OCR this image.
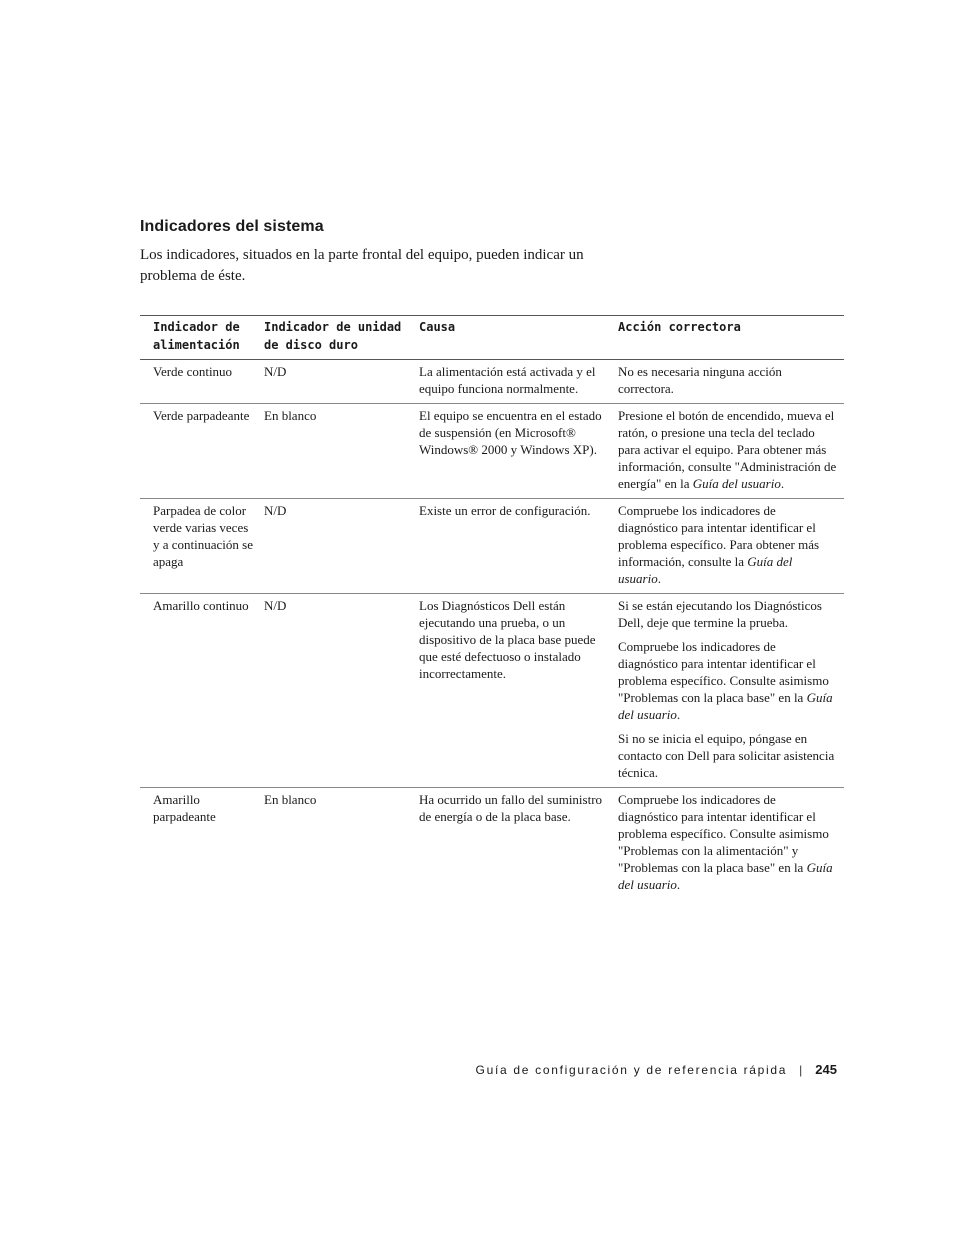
Indicadores del sistema
Los indicadores, situados en la parte frontal del equipo, pueden indicar un problema de éste.
Indicador de alimentación	Indicador de unidad de disco duro	Causa	Acción correctora
Verde continuo	N/D	La alimentación está activada y el equipo funciona normalmente.	No es necesaria ninguna acción correctora.

Verde parpadeante	En blanco	El equipo se encuentra en el estado de suspensión (en Microsoft® Windows® 2000 y Windows XP).	Presione el botón de encendido, mueva el ratón, o presione una tecla del teclado para activar el equipo. Para obtener más información, consulte "Administración de energía" en la Guía del usuario.

Parpadea de color verde varias veces y a continuación se apaga	N/D	Existe un error de configuración.	Compruebe los indicadores de diagnóstico para intentar identificar el problema específico. Para obtener más información, consulte la Guía del usuario.

Amarillo continuo	N/D	Los Diagnósticos Dell están ejecutando una prueba, o un dispositivo de la placa base puede que esté defectuoso o instalado incorrectamente.	Si se están ejecutando los Diagnósticos Dell, deje que termine la prueba.

Compruebe los indicadores de diagnóstico para intentar identificar el problema específico. Consulte asimismo "Problemas con la placa base" en la Guía del usuario.

Si no se inicia el equipo, póngase en contacto con Dell para solicitar asistencia técnica.

Amarillo parpadeante	En blanco	Ha ocurrido un fallo del suministro de energía o de la placa base.	Compruebe los indicadores de diagnóstico para intentar identificar el problema específico. Consulte asimismo "Problemas con la alimentación" y "Problemas con la placa base" en la Guía del usuario.

Guía de configuración y de referencia rápida | 245
